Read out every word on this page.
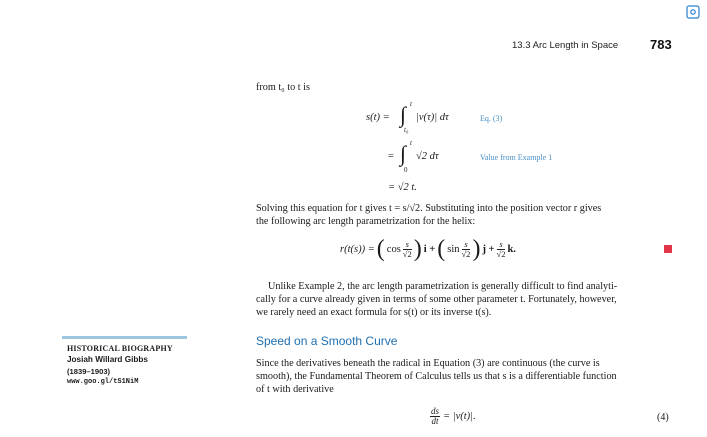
13.3 Arc Length in Space 783
from t₀ to t is
s(t) = ∫ t
t₀
|v(τ)| dτ	Eq. (3)
= ∫ t
0
√2 dτ	Value from Example 1
= √2 t.
Solving this equation for t gives t = s/√2. Substituting into the position vector r gives
the following arc length parametrization for the helix:
r(t(s)) = ( $\cos \frac{s}{√2}$ ) i + ( $\sin \frac{s}{√2}$ ) $j + \frac{s}{√2} k$.
Unlike Example 2, the arc length parametrization is generally difficult to find analyti-
cally for a curve already given in terms of some other parameter t. Fortunately, however,
we rarely need an exact formula for s(t) or its inverse t(s).
Speed on a Smooth Curve
HISTORICAL BIOGRAPHY
Josiah Willard Gibbs
(1839–1903)
www.goo.gl/tS1NiM
Since the derivatives beneath the radical in Equation (3) are continuous (the curve is
smooth), the Fundamental Theorem of Calculus tells us that s is a differentiable function
of t with derivative
$\frac{ds}{dt} = |v(t)|$.	(4)
